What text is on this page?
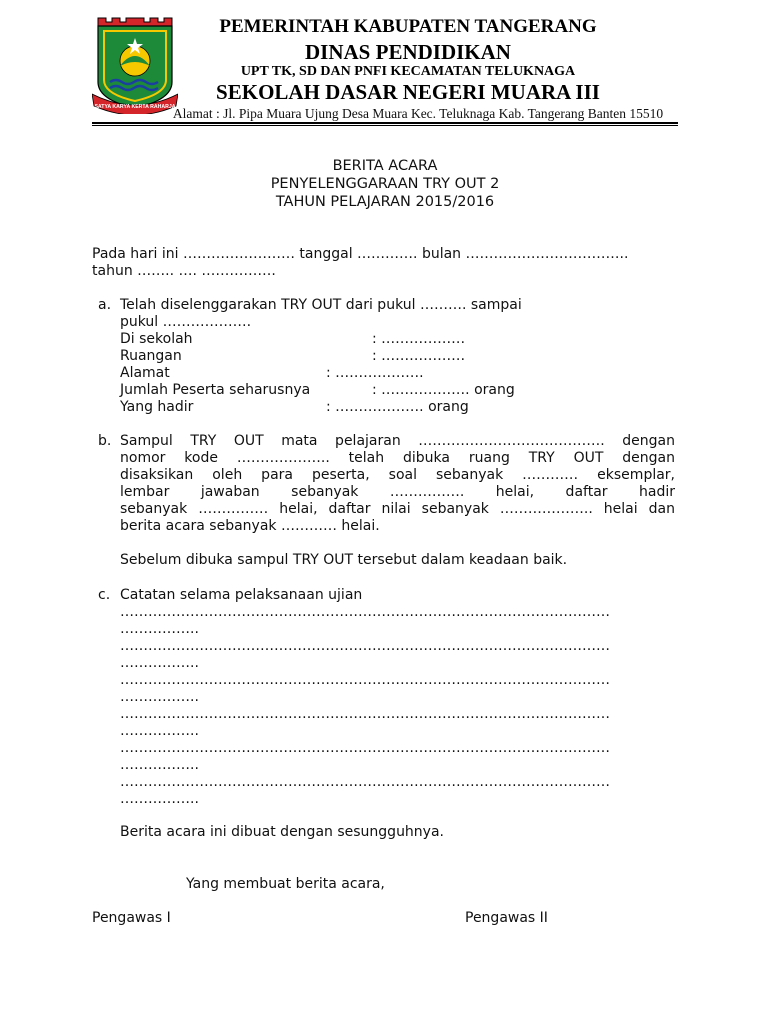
SATYA KARYA KERTA RAHARJA
PEMERINTAH KABUPATEN TANGERANG
DINAS PENDIDIKAN
UPT TK, SD DAN PNFI KECAMATAN TELUKNAGA
SEKOLAH DASAR NEGERI MUARA III
Alamat : Jl. Pipa Muara Ujung Desa Muara Kec. Teluknaga Kab. Tangerang Banten 15510
BERITA ACARA
PENYELENGGARAAN TRY OUT 2
TAHUN PELAJARAN 2015/2016
Pada hari ini …………………… tanggal …………. bulan ……………………………..
tahun …….. …. …………….
a. Telah diselenggarakan TRY OUT dari pukul ………. sampai
pukul ……………….
Di sekolah	: ………………
Ruangan	: ………………
Alamat	: ……………….
Jumlah Peserta seharusnya	: ………………. orang
Yang hadir	: ………………. orang
b. Sampul TRY OUT mata pelajaran …………………………………. dengan
nomor kode ……………….. telah dibuka ruang TRY OUT dengan
disaksikan oleh para peserta, soal sebanyak ………… eksemplar,
lembar jawaban sebanyak ……………. helai, daftar hadir
sebanyak …………… helai, daftar nilai sebanyak ……………….. helai dan
berita acara sebanyak ………… helai.
Sebelum dibuka sampul TRY OUT tersebut dalam keadaan baik.
c. Catatan selama pelaksanaan ujian
……………………………………………………………………………………………
……………..
……………………………………………………………………………………………
……………..
……………………………………………………………………………………………
……………..
……………………………………………………………………………………………
……………..
……………………………………………………………………………………………
……………..
……………………………………………………………………………………………
……………..
Berita acara ini dibuat dengan sesungguhnya.
Yang membuat berita acara,
Pengawas I	Pengawas II
